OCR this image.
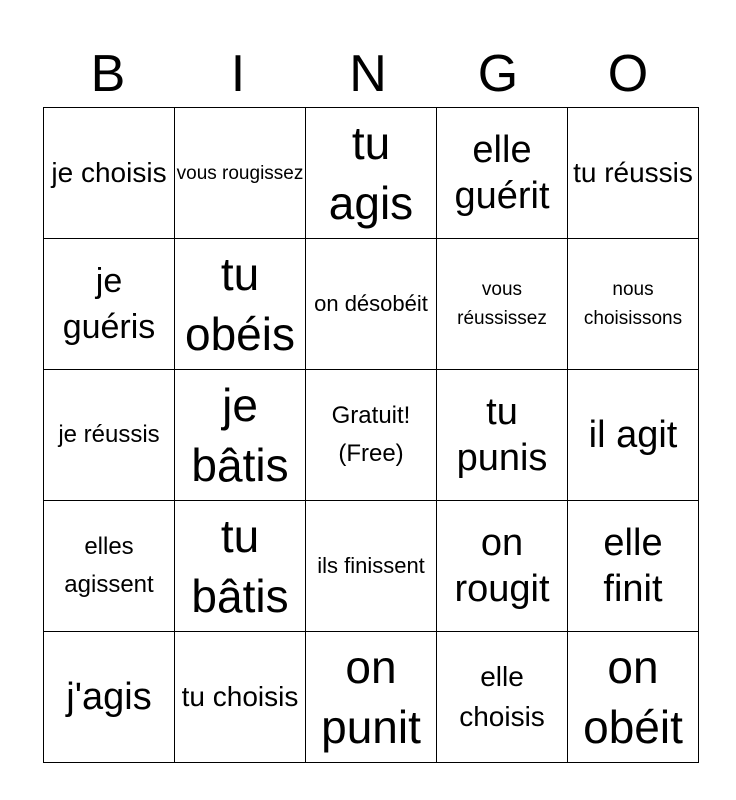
B	I	N	G	O
je choisis	vous rougissez	tu agis	elle guérit	tu réussis

je guéris	tu obéis	on désobéit	vous réussissez	nous choisissons

je réussis	je bâtis	Gratuit! (Free)	tu punis	il agit

elles agissent	tu bâtis	ils finissent	on rougit	elle finit

j'agis	tu choisis	on punit	elle choisis	on obéit
